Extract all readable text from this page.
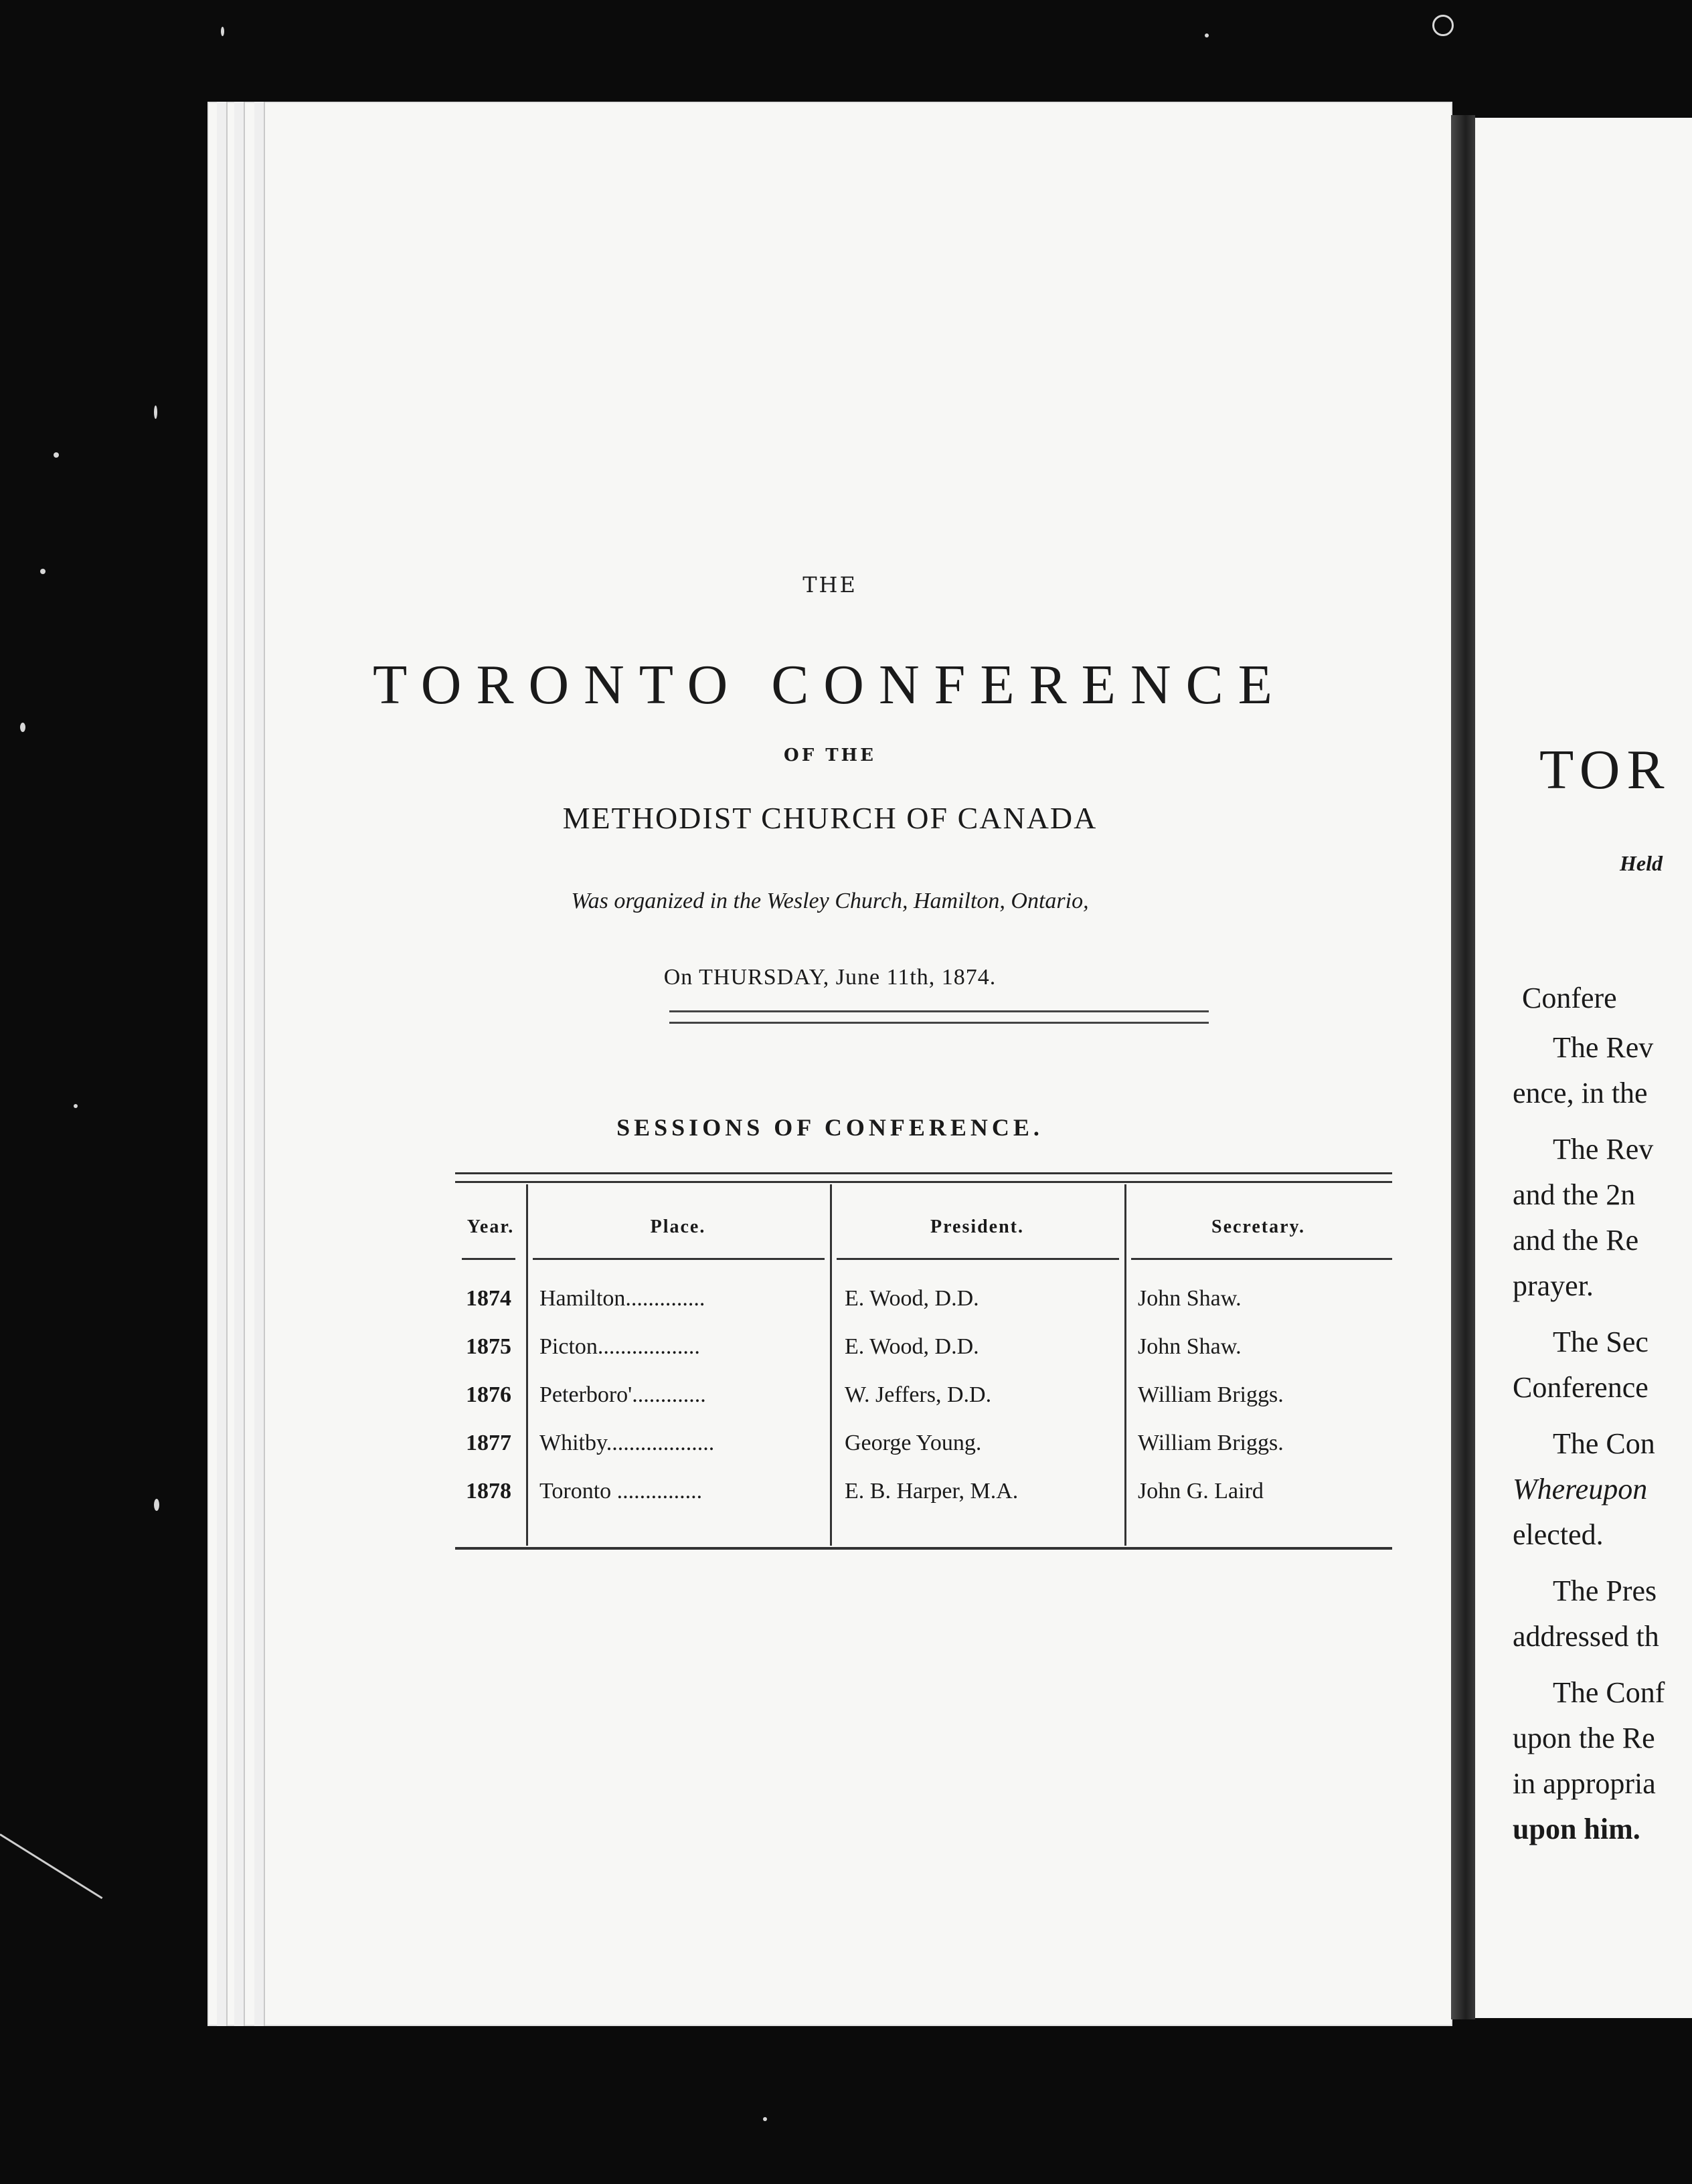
THE
TORONTO CONFERENCE
OF THE
METHODIST CHURCH OF CANADA
Was organized in the Wesley Church, Hamilton, Ontario,
On THURSDAY, June 11th, 1874.
SESSIONS OF CONFERENCE.
Year.	Place.	President.	Secretary.
1874 Hamilton..............	E. Wood, D.D.	John Shaw.
1875 Picton..................	E. Wood, D.D.	John Shaw.
1876 Peterboro'.............	W. Jeffers, D.D.	William Briggs.
1877 Whitby...................	George Young.	William Briggs.
1878 Toronto ...............	E. B. Harper, M.A.	John G. Laird
TOR
Held
Confere
The Rev
ence, in the
The Rev
and the 2n
and the Re
prayer.
The Sec
Conference
The Con
Whereupon
elected.
The Pres
addressed th
The Conf
upon the Re
in appropria
upon him.
